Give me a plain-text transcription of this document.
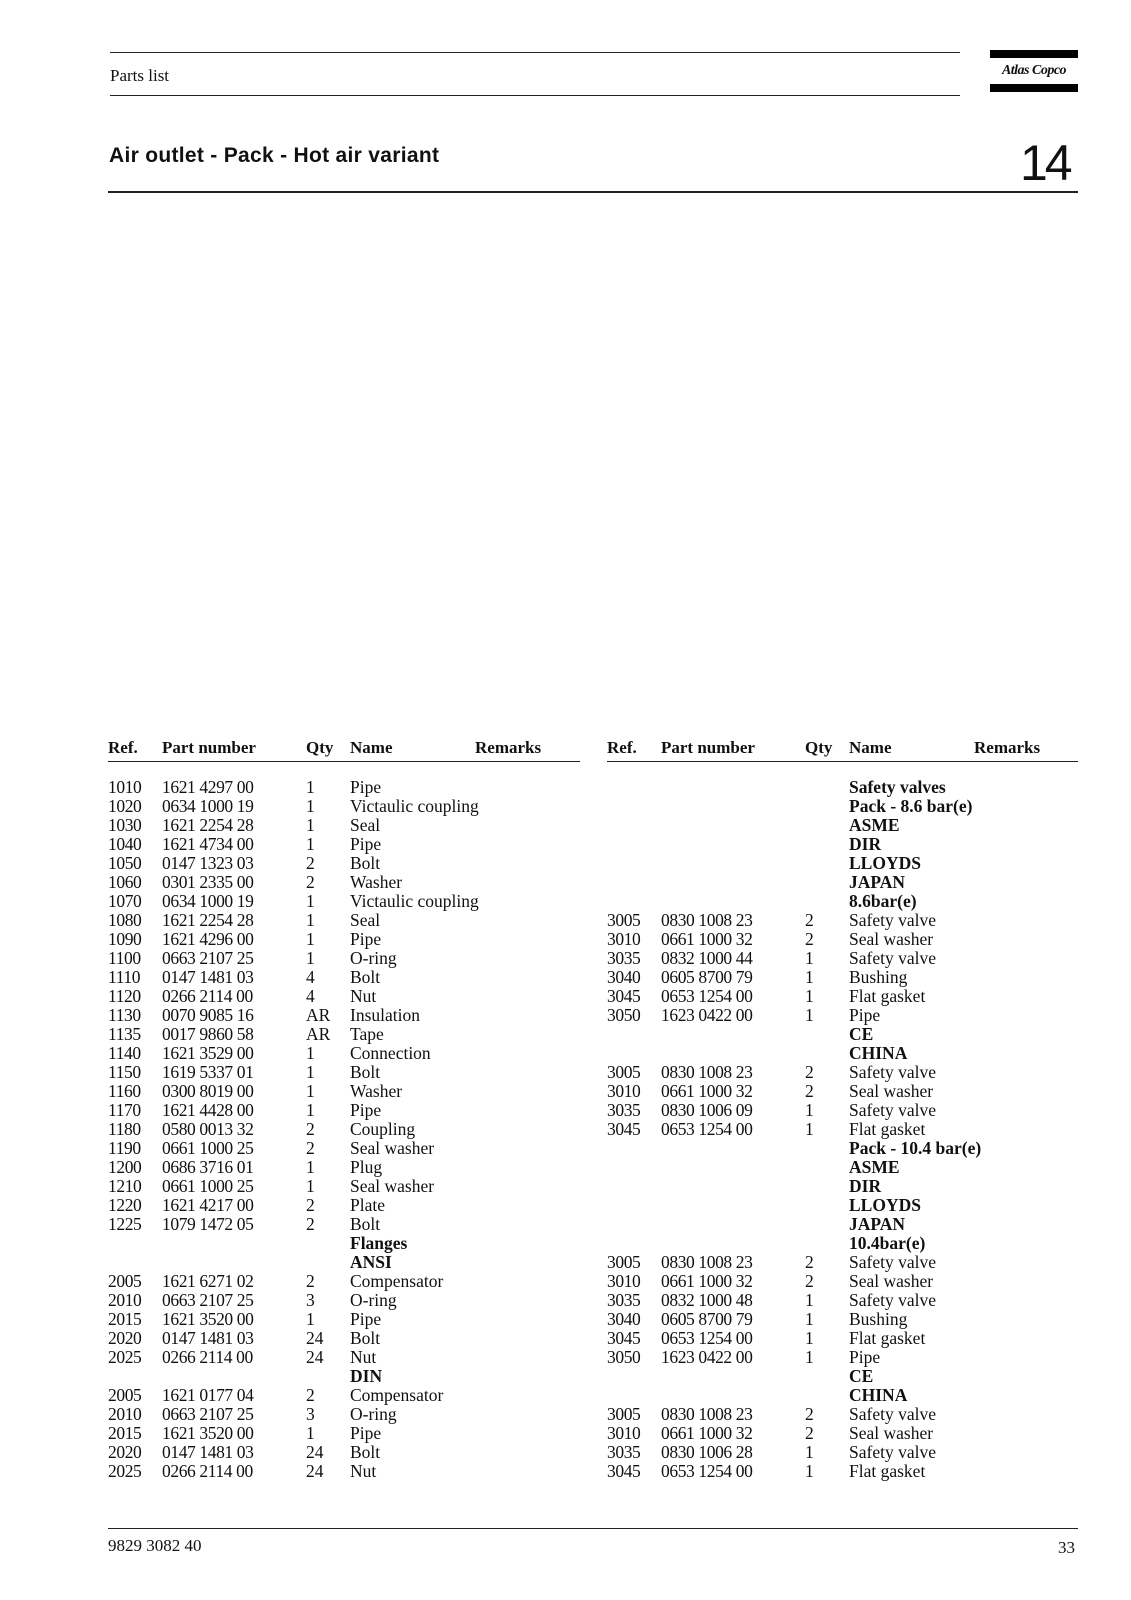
Parts list	Atlas Copco
Air outlet - Pack - Hot air variant	14
Ref. Part number	Qty Name	Remarks	Ref. Part number	Qty Name	Remarks
1010 1621 4297 00	1 Pipe
1020 0634 1000 19	1 Victaulic coupling
1030 1621 2254 28	1 Seal
1040 1621 4734 00	1 Pipe
1050 0147 1323 03	2 Bolt
1060 0301 2335 00	2 Washer
1070 0634 1000 19	1 Victaulic coupling
1080 1621 2254 28	1 Seal
1090 1621 4296 00	1 Pipe
1100 0663 2107 25	1 O-ring
1110 0147 1481 03	4 Bolt
1120 0266 2114 00	4 Nut
1130 0070 9085 16	AR Insulation
1135 0017 9860 58	AR Tape
1140 1621 3529 00	1 Connection
1150 1619 5337 01	1 Bolt
1160 0300 8019 00	1 Washer
1170 1621 4428 00	1 Pipe
1180 0580 0013 32	2 Coupling
1190 0661 1000 25	2 Seal washer
1200 0686 3716 01	1 Plug
1210 0661 1000 25	1 Seal washer
1220 1621 4217 00	2 Plate
1225 1079 1472 05	2 Bolt
Flanges
ANSI
2005 1621 6271 02	2 Compensator
2010 0663 2107 25	3 O-ring
2015 1621 3520 00	1 Pipe
2020 0147 1481 03	24 Bolt
2025 0266 2114 00	24 Nut
DIN
2005 1621 0177 04	2 Compensator
2010 0663 2107 25	3 O-ring
2015 1621 3520 00	1 Pipe
2020 0147 1481 03	24 Bolt
2025 0266 2114 00	24 Nut
Safety valves
Pack - 8.6 bar(e)
ASME
DIR
LLOYDS
JAPAN
8.6bar(e)
3005 0830 1008 23	2 Safety valve
3010 0661 1000 32	2 Seal washer
3035 0832 1000 44	1 Safety valve
3040 0605 8700 79	1 Bushing
3045 0653 1254 00	1 Flat gasket
3050 1623 0422 00	1 Pipe
CE
CHINA
3005 0830 1008 23	2 Safety valve
3010 0661 1000 32	2 Seal washer
3035 0830 1006 09	1 Safety valve
3045 0653 1254 00	1 Flat gasket
Pack - 10.4 bar(e)
ASME
DIR
LLOYDS
JAPAN
10.4bar(e)
3005 0830 1008 23	2 Safety valve
3010 0661 1000 32	2 Seal washer
3035 0832 1000 48	1 Safety valve
3040 0605 8700 79	1 Bushing
3045 0653 1254 00	1 Flat gasket
3050 1623 0422 00	1 Pipe
CE
CHINA
3005 0830 1008 23	2 Safety valve
3010 0661 1000 32	2 Seal washer
3035 0830 1006 28	1 Safety valve
3045 0653 1254 00	1 Flat gasket
9829 3082 40	33
